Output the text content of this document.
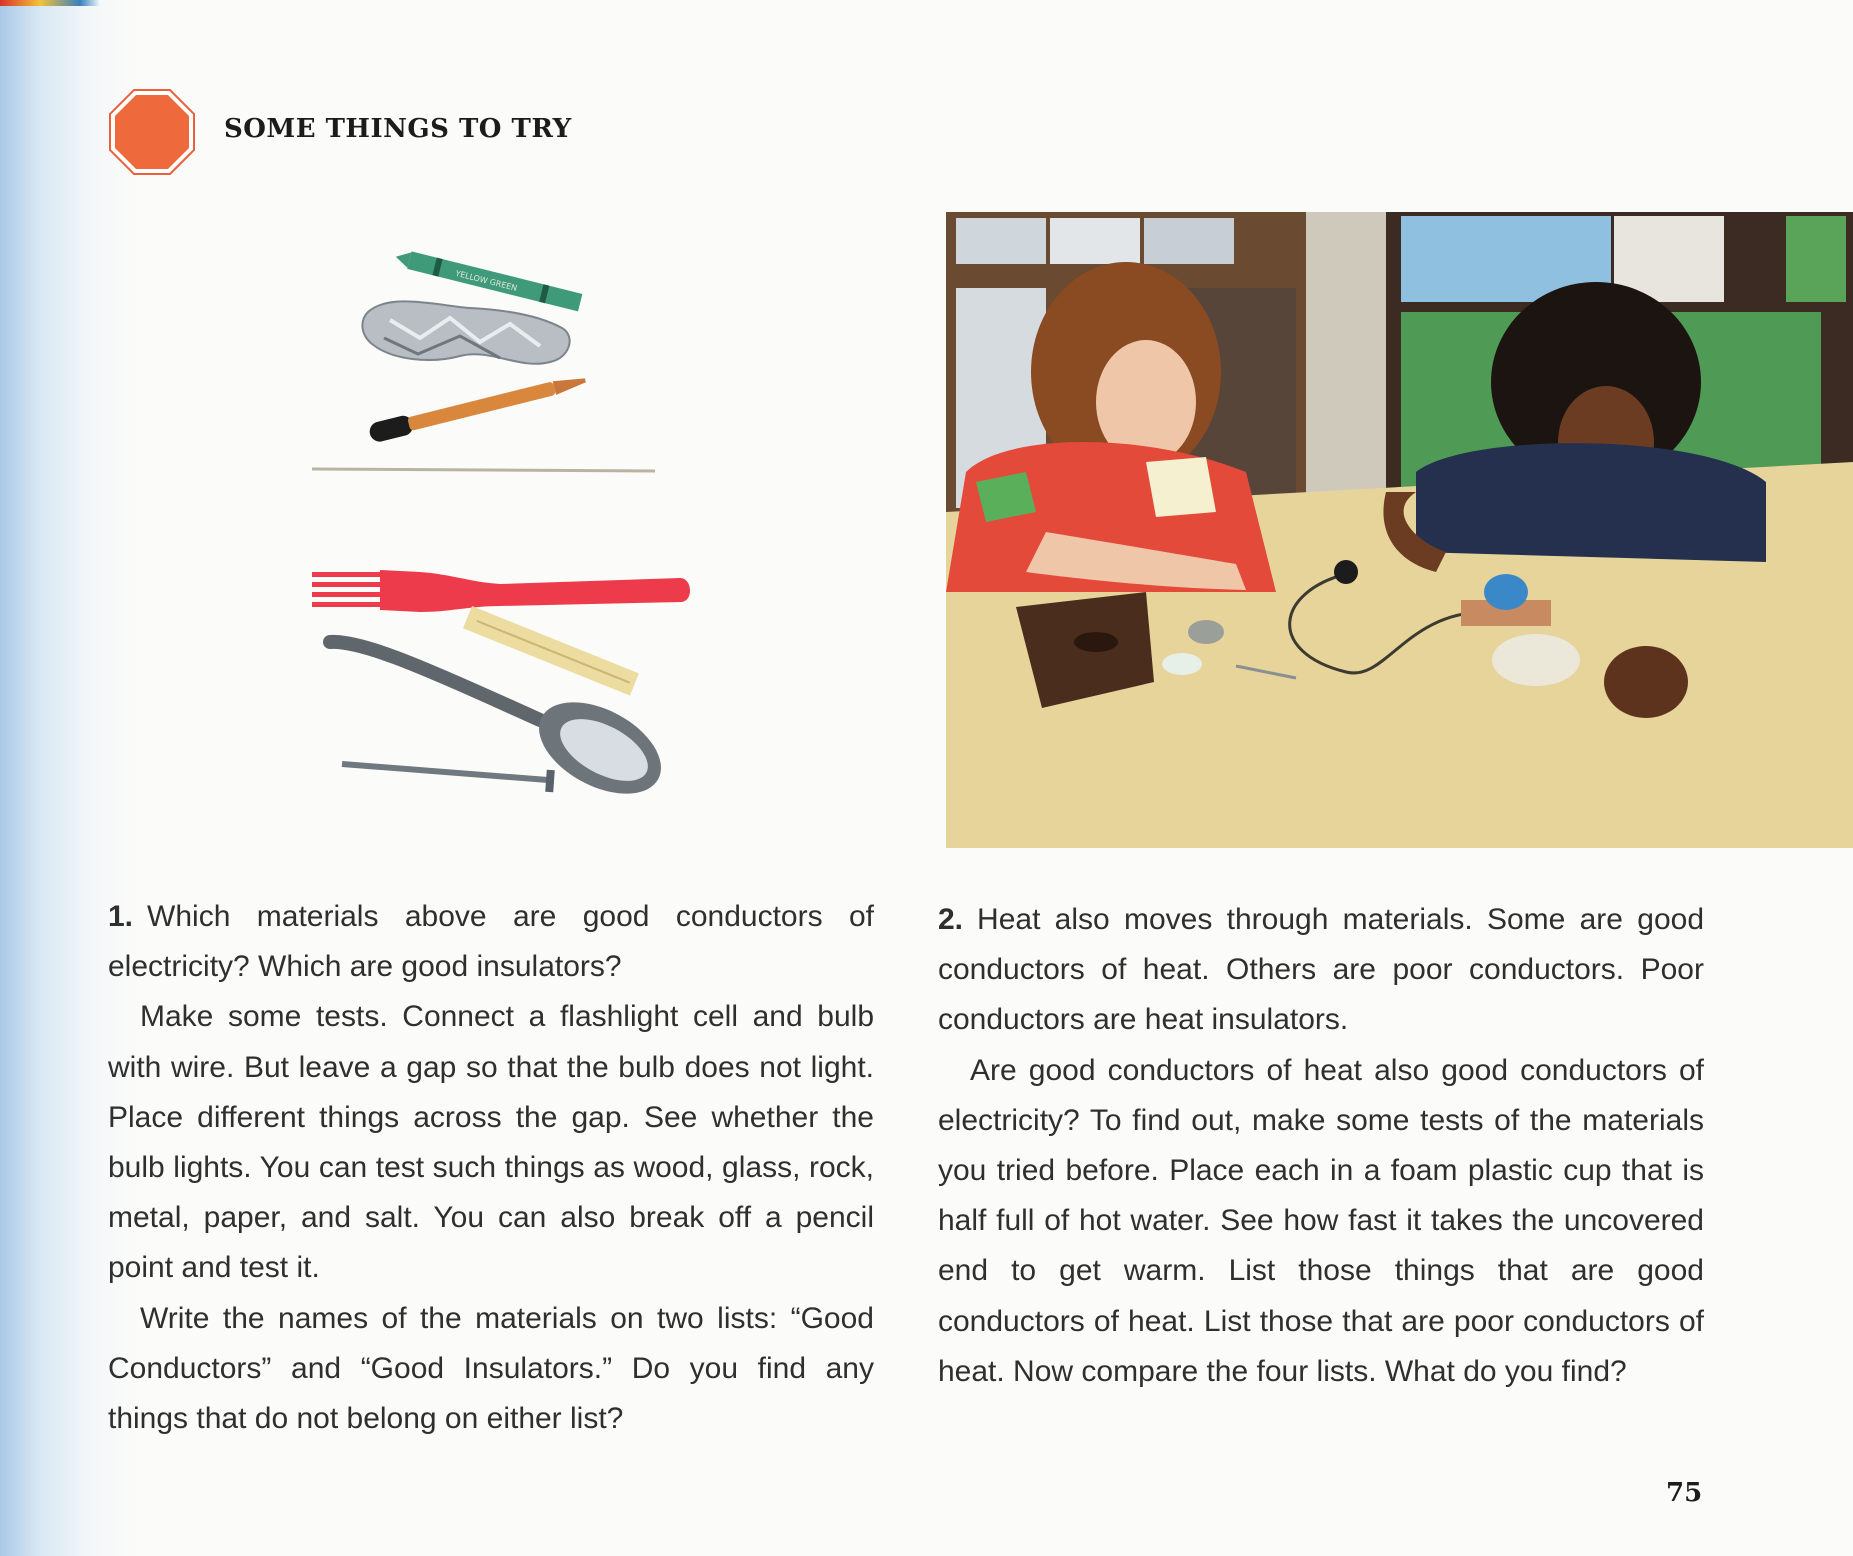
SOME THINGS TO TRY
YELLOW GREEN

1. Which materials above are good conductors of electricity? Which are good insulators?

Make some tests. Connect a flashlight cell and bulb with wire. But leave a gap so that the bulb does not light. Place different things across the gap. See whether the bulb lights. You can test such things as wood, glass, rock, metal, paper, and salt. You can also break off a pencil point and test it.

Write the names of the materials on two lists: “Good Conductors” and “Good Insulators.” Do you find any things that do not belong on either list?

2. Heat also moves through materials. Some are good conductors of heat. Others are poor conductors. Poor conductors are heat insulators.

Are good conductors of heat also good conductors of electricity? To find out, make some tests of the materials you tried before. Place each in a foam plastic cup that is half full of hot water. See how fast it takes the uncovered end to get warm. List those things that are good conductors of heat. List those that are poor conductors of heat. Now compare the four lists. What do you find?

75
